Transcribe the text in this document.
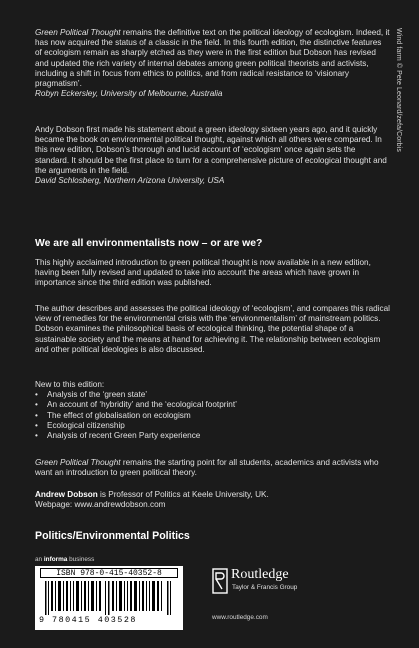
Wind farm © Pete Leonard/zefa/Corbis

Green Political Thought remains the definitive text on the political ideology of ecologism. Indeed, it has now acquired the status of a classic in the field. In this fourth edition, the distinctive features of ecologism remain as sharply etched as they were in the first edition but Dobson has revised and updated the rich variety of internal debates among green political theorists and activists, including a shift in focus from ethics to politics, and from radical resistance to ‘visionary pragmatism’.

Robyn Eckersley, University of Melbourne, Australia

Andy Dobson first made his statement about a green ideology sixteen years ago, and it quickly became the book on environmental political thought, against which all others were compared. In this new edition, Dobson’s thorough and lucid account of ‘ecologism’ once again sets the standard. It should be the first place to turn for a comprehensive picture of ecological thought and the arguments in the field.

David Schlosberg, Northern Arizona University, USA

We are all environmentalists now – or are we?

This highly acclaimed introduction to green political thought is now available in a new edition, having been fully revised and updated to take into account the areas which have grown in importance since the third edition was published.

The author describes and assesses the political ideology of ‘ecologism’, and compares this radical view of remedies for the environmental crisis with the ‘environmentalism’ of mainstream politics. Dobson examines the philosophical basis of ecological thinking, the potential shape of a sustainable society and the means at hand for achieving it. The relationship between ecologism and other political ideologies is also discussed.

New to this edition:
• Analysis of the ‘green state’
• An account of ‘hybridity’ and the ‘ecological footprint’
• The effect of globalisation on ecologism
• Ecological citizenship
• Analysis of recent Green Party experience

Green Political Thought remains the starting point for all students, academics and activists who want an introduction to green political theory.

Andrew Dobson is Professor of Politics at Keele University, UK.
Webpage: www.andrewdobson.com
Politics/Environmental Politics
an informa business
ISBN 978-0-415-40352-8
9 780415 403528
Routledge
Taylor & Francis Group
www.routledge.com
